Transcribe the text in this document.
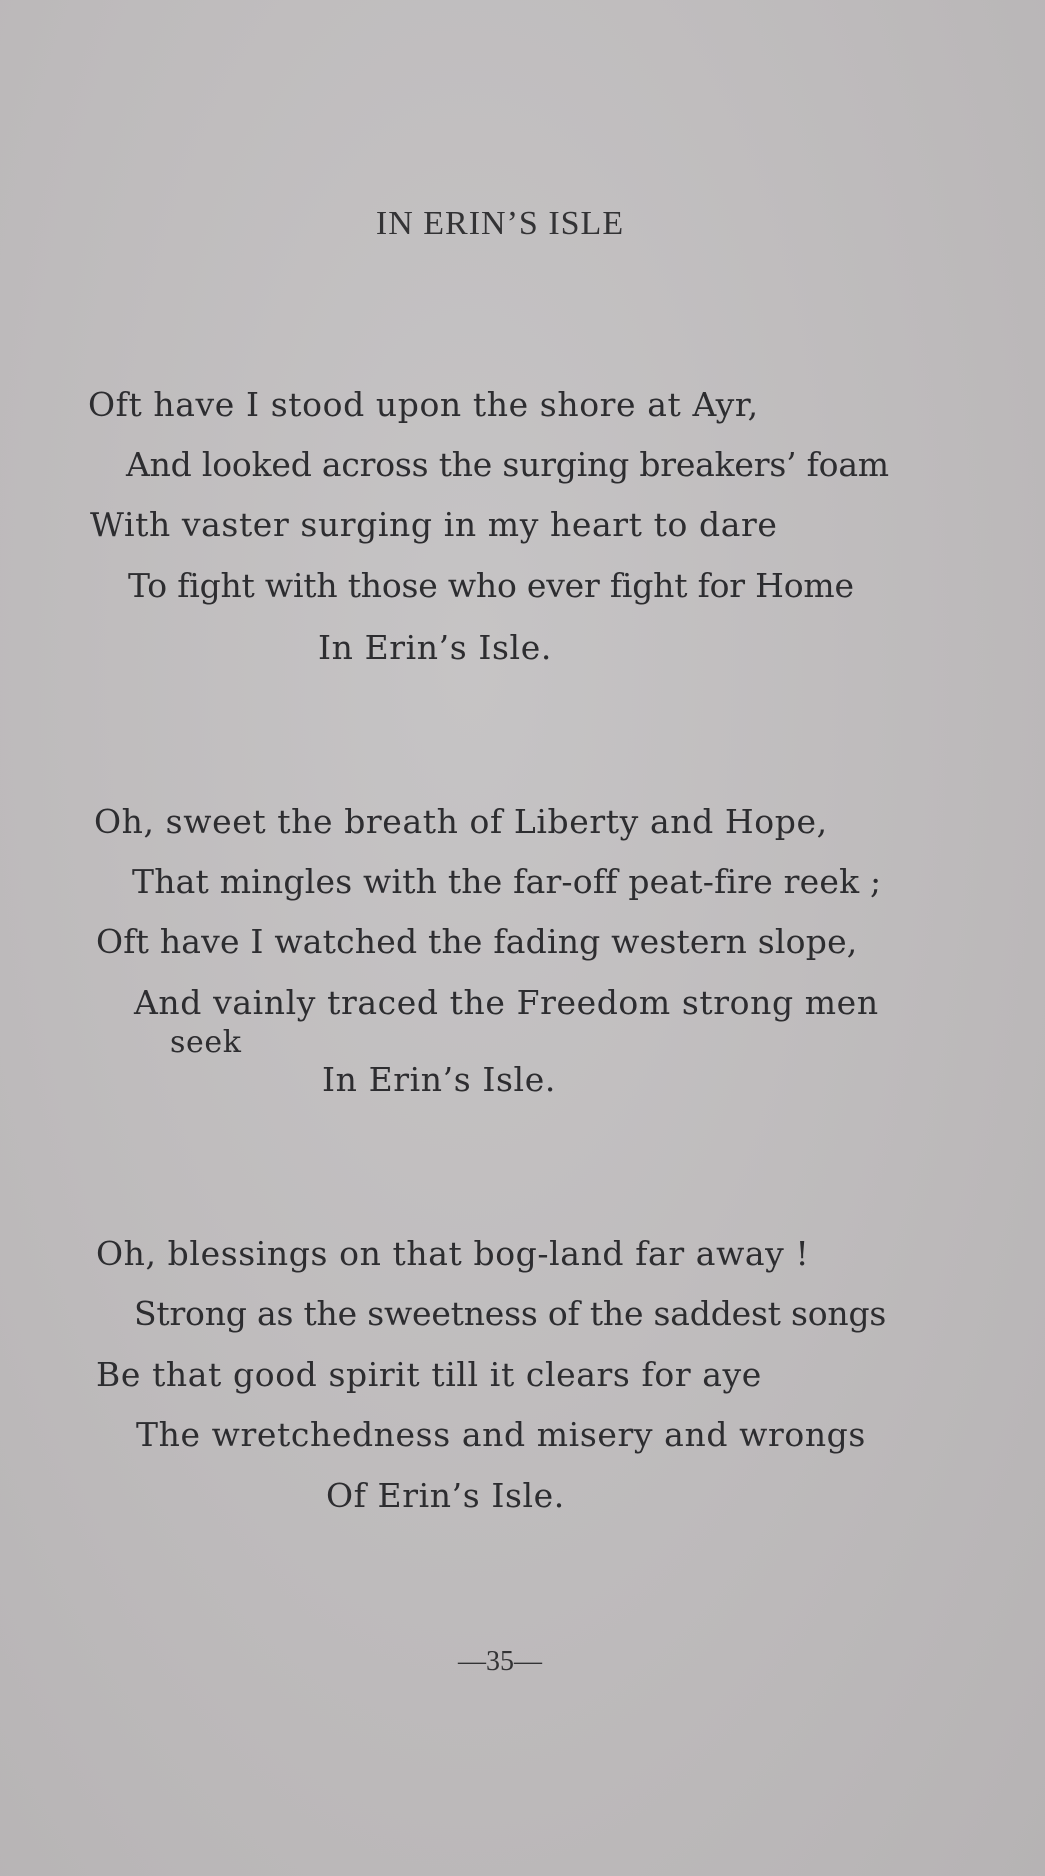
IN ERIN’S ISLE
Oft have I stood upon the shore at Ayr,
And looked across the surging breakers’ foam
With vaster surging in my heart to dare
To fight with those who ever fight for Home
In Erin’s Isle.
Oh, sweet the breath of Liberty and Hope,
That mingles with the far-off peat-fire reek ;
Oft have I watched the fading western slope,
And vainly traced the Freedom strong men
seek
In Erin’s Isle.
Oh, blessings on that bog-land far away !
Strong as the sweetness of the saddest songs
Be that good spirit till it clears for aye
The wretchedness and misery and wrongs
Of Erin’s Isle.
—35—
